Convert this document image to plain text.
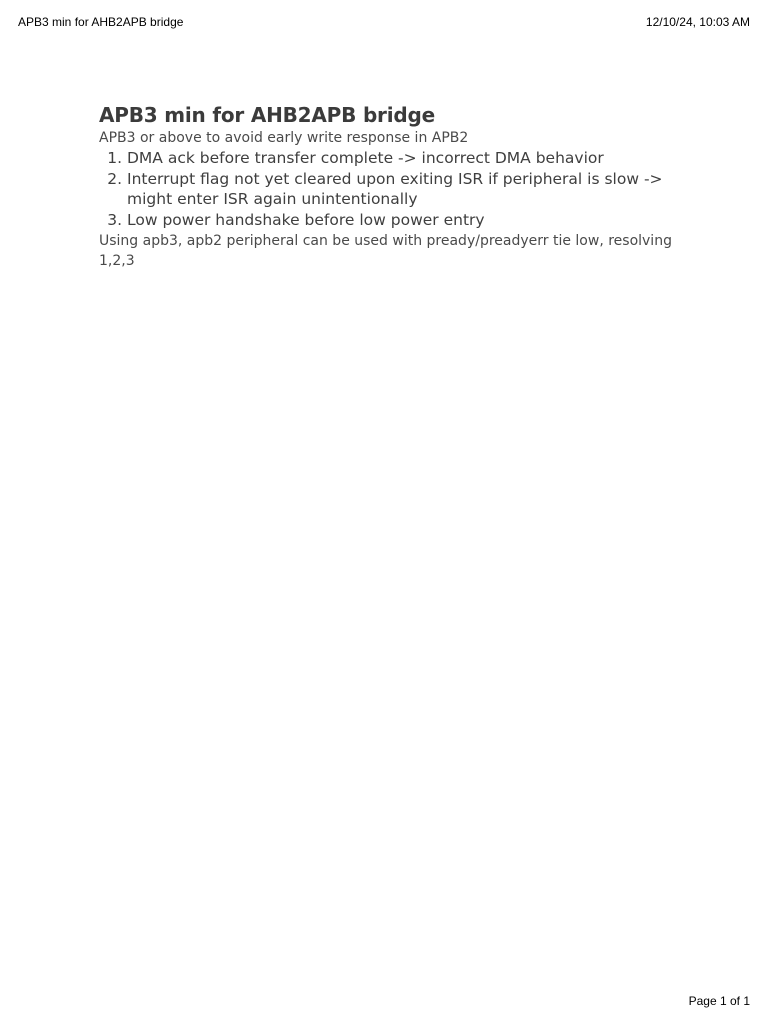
APB3 min for AHB2APB bridge	12/10/24, 10:03 AM
APB3 min for AHB2APB bridge

APB3 or above to avoid early write response in APB2

1. DMA ack before transfer complete -> incorrect DMA behavior
2. Interrupt flag not yet cleared upon exiting ISR if peripheral is slow -> might enter ISR again unintentionally
3. Low power handshake before low power entry

Using apb3, apb2 peripheral can be used with pready/preadyerr tie low, resolving 1,2,3

Page 1 of 1
